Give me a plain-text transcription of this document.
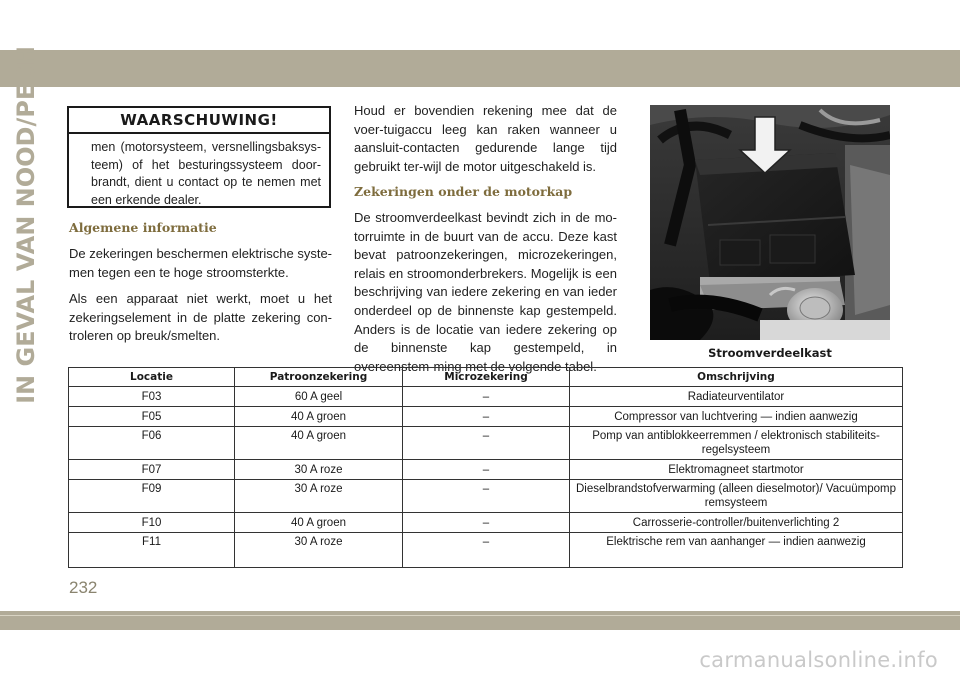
IN GEVAL VAN NOOD/PECH	WAARSCHUWING!
men (motorsysteem, versnellingsbaksys-teem) of het besturingssysteem door-brandt, dient u contact op te nemen met een erkende dealer.
Algemene informatie
De zekeringen beschermen elektrische syste-men tegen een te hoge stroomsterkte.
Als een apparaat niet werkt, moet u het zekeringselement in de platte zekering con-troleren op breuk/smelten.
Houd er bovendien rekening mee dat de voer-tuigaccu leeg kan raken wanneer u aansluit-contacten gedurende lange tijd gebruikt ter-wijl de motor uitgeschakeld is.
Zekeringen onder de motorkap
De stroomverdeelkast bevindt zich in de mo-torruimte in de buurt van de accu. Deze kast bevat patroonzekeringen, microzekeringen, relais en stroomonderbrekers. Mogelijk is een beschrijving van iedere zekering en van ieder onderdeel op de binnenste kap gestempeld. Anders is de locatie van iedere zekering op de binnenste kap gestempeld, in overeenstem-ming met de volgende tabel.
Stroomverdeelkast
Locatie	Patroonzekering	Microzekering	Omschrijving
F03	60 A geel	–	Radiateurventilator
F05	40 A groen	–	Compressor van luchtvering — indien aanwezig
F06	40 A groen	–	Pomp van antiblokkeerremmen / elektronisch stabiliteits-regelsysteem
F07	30 A roze	–	Elektromagneet startmotor
F09	30 A roze	–	Dieselbrandstofverwarming (alleen dieselmotor)/ Vacuümpomp remsysteem
F10	40 A groen	–	Carrosserie-controller/buitenverlichting 2
F11	30 A roze	–	Elektrische rem van aanhanger — indien aanwezig
232
carmanualsonline.info
